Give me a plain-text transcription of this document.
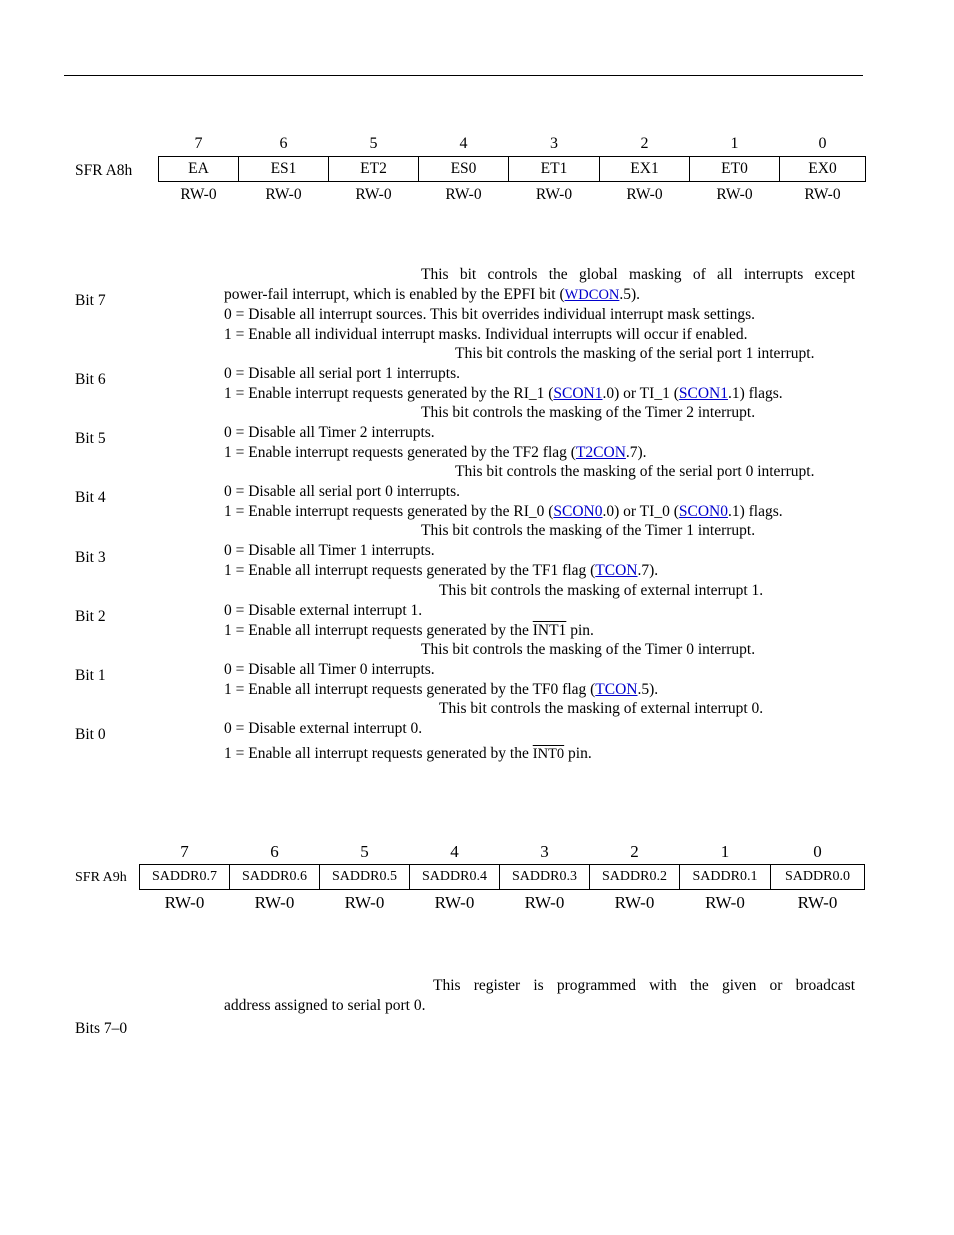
SFR A8h
7	6	5	4	3	2	1	0
EA	ES1	ET2	ES0	ET1	EX1	ET0	EX0
RW-0	RW-0	RW-0	RW-0	RW-0	RW-0	RW-0	RW-0
Bit 7
This bit controls the global masking of all interrupts except
power-fail interrupt, which is enabled by the EPFI bit (WDCON.5).
0 = Disable all interrupt sources. This bit overrides individual interrupt mask settings.
1 = Enable all individual interrupt masks. Individual interrupts will occur if enabled.
Bit 6
This bit controls the masking of the serial port 1 interrupt.
0 = Disable all serial port 1 interrupts.
1 = Enable interrupt requests generated by the RI_1 (SCON1.0) or TI_1 (SCON1.1) flags.
Bit 5
This bit controls the masking of the Timer 2 interrupt.
0 = Disable all Timer 2 interrupts.
1 = Enable interrupt requests generated by the TF2 flag (T2CON.7).
Bit 4
This bit controls the masking of the serial port 0 interrupt.
0 = Disable all serial port 0 interrupts.
1 = Enable interrupt requests generated by the RI_0 (SCON0.0) or TI_0 (SCON0.1) flags.
Bit 3
This bit controls the masking of the Timer 1 interrupt.
0 = Disable all Timer 1 interrupts.
1 = Enable all interrupt requests generated by the TF1 flag (TCON.7).
Bit 2
This bit controls the masking of external interrupt 1.
0 = Disable external interrupt 1.
1 = Enable all interrupt requests generated by the INT1 pin.
Bit 1
This bit controls the masking of the Timer 0 interrupt.
0 = Disable all Timer 0 interrupts.
1 = Enable all interrupt requests generated by the TF0 flag (TCON.5).
Bit 0
This bit controls the masking of external interrupt 0.
0 = Disable external interrupt 0.
1 = Enable all interrupt requests generated by the INT0 pin.
SFR A9h
7	6	5	4	3	2	1	0
SADDR0.7	SADDR0.6	SADDR0.5	SADDR0.4	SADDR0.3	SADDR0.2	SADDR0.1	SADDR0.0
RW-0	RW-0	RW-0	RW-0	RW-0	RW-0	RW-0	RW-0
Bits 7–0
This register is programmed with the given or broadcast
address assigned to serial port 0.
